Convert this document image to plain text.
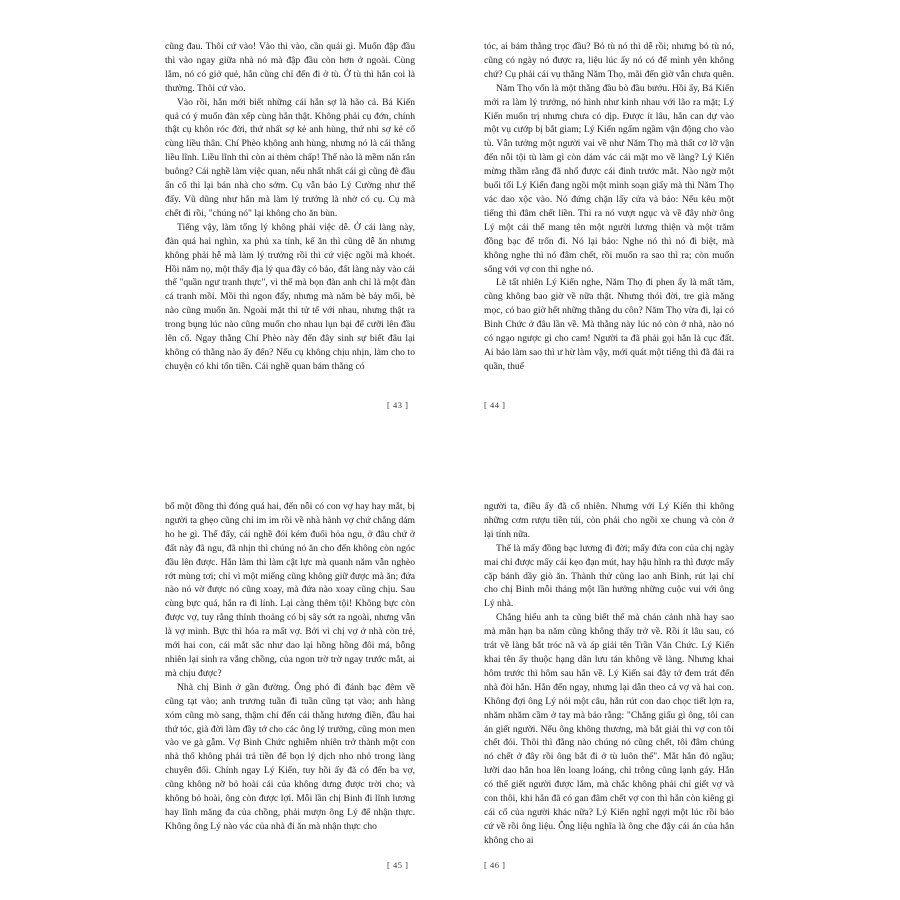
cũng đau. Thôi cứ vào! Vào thì vào, cần quái gì. Muốn đập đầu thì vào ngay giữa nhà nó mà đập đầu còn hơn ở ngoài. Cùng lắm, nó có giở quẻ, hắn cũng chỉ đến đi ở tù. Ở tù thì hắn coi là thường. Thôi cứ vào.

Vào rồi, hắn mới biết những cái hắn sợ là hão cả. Bá Kiến quả có ý muốn đàn xếp cùng hắn thật. Không phải cụ đớn, chính thật cụ khôn róc đời, thứ nhất sợ kẻ anh hùng, thứ nhì sợ kẻ cố cùng liều thân. Chí Phèo không anh hùng, nhưng nó là cái thằng liều lĩnh. Liều lĩnh thì còn ai thèm chấp! Thế nào là mềm nắn rắn buông? Cái nghề làm việc quan, nếu nhất nhất cái gì cũng đè đầu ẩn cổ thì lại bán nhà cho sớm. Cụ vẫn bảo Lý Cường như thế đấy. Vũ dũng như hắn mà làm lý trưởng là nhờ có cụ. Cụ mà chết đi rồi, "chúng nó" lại không cho ăn bùn.

Tiếng vậy, làm tổng lý không phải việc dễ. Ở cái làng này, đàn quá hai nghìn, xa phủ xa tỉnh, kể ăn thì cũng dễ ăn nhưng không phải hễ mà làm lý trưởng rồi thì cứ việc ngồi mà khoét. Hồi năm nọ, một thấy địa lý qua đây có bảo, đất làng này vào cái thế "quần ngư tranh thực", vì thế mà bọn đàn anh chỉ là một đàn cá tranh mồi. Mồi thì ngon đấy, nhưng mà năm bè bảy mối, bè nào cũng muốn ăn. Ngoài mặt thì tử tế với nhau, nhưng thật ra trong bụng lúc nào cũng muốn cho nhau lụn bại để cưỡi lên đầu lên cổ. Ngay thằng Chí Phèo này đến đây sinh sự biết đâu lại không có thằng nào ấy đến? Nếu cụ không chịu nhịn, làm cho to chuyện có khi tốn tiền. Cái nghề quan bám thằng có

[ 43 ]

tóc, ai bám thằng trọc đầu? Bỏ tù nó thì dễ rồi; nhưng bỏ tù nó, cũng có ngày nó được ra, liệu lúc ấy nó có để mình yên không chứ? Cụ phải cái vụ thằng Năm Thọ, mãi đến giờ vẫn chưa quên.

Năm Thọ vốn là một thằng đầu bò đầu bướu. Hồi ấy, Bá Kiến mới ra làm lý trưởng, nó hình như kinh nhau với lão ra mặt; Lý Kiến muốn trị nhưng chưa có dịp. Được ít lâu, hắn can dự vào một vụ cướp bị bắt giam; Lý Kiến ngấm ngầm vận động cho vào tù. Vẫn tưởng một người vai về như Năm Thọ mà thất cơ lỡ vận đến nỗi tội tù làm gì còn dám vác cái mặt mo về làng? Lý Kiến mừng thầm rằng đã nhổ được cái đinh trước mắt. Nào ngờ một buổi tối Lý Kiến đang ngồi một mình soạn giấy mà thì Năm Thọ vác dao xộc vào. Nó đứng chặn lấy cửa và bảo: Nếu kêu một tiếng thì đâm chết liền. Thì ra nó vượt ngục và về đây nhờ ông Lý một cái thế mang tên một người lương thiện và một trăm đồng bạc để trốn đi. Nó lại bảo: Nghe nó thì nó đi biệt, mà không nghe thì nó đâm chết, rồi muốn ra sao thì ra; còn muốn sống với vợ con thì nghe nó.

Lẽ tất nhiên Lý Kiến nghe, Năm Thọ đi phen ấy là mất tăm, cũng không bao giờ về nữa thật. Nhưng thói đời, tre già măng mọc, có bao giờ hết những thằng du côn? Năm Thọ vừa đi, lại có Binh Chức ở đâu lần về. Mà thằng này lúc nó còn ở nhà, nào nó có ngạo ngược gì cho cam! Người ta đã phải gọi hắn là cục đất. Ai bảo làm sao thì ư hừ làm vậy, mới quát một tiếng thì đã đái ra quần, thuế

[ 44 ]

bổ một đồng thì đóng quá hai, đến nỗi có con vợ hay hay mắt, bị người ta ghẹo cũng chỉ im im rồi về nhà hành vợ chứ chẳng dám ho he gì. Thế đấy, cái nghề đói kém đuổi hỏa ngu, ở đâu chứ ở đất này đã ngu, đã nhịn thì chúng nó ăn cho đến không còn ngóc đầu lên được. Hắn làm thì làm cật lực mà quanh năm vẫn nghèo rớt mùng tơi; chỉ vì một miếng cũng không giữ được mà ăn; đứa nào nó vờ được nó cũng xoay, mà đứa nào xoay cũng chịu. Sau cùng bực quá, hắn ra đi lính. Lại càng thêm tội! Không bực còn được vợ, tuy rằng thỉnh thoảng có bị sây sớt ra ngoài, nhưng vẫn là vợ mình. Bực thì hóa ra mất vợ. Bởi vì chị vợ ở nhà còn trẻ, mới hai con, cái mắt sắc như dao lại hồng hồng đôi má, bỗng nhiên lại sinh ra vắng chồng, của ngon trờ trờ ngay trước mắt, ai mà chịu được?

Nhà chị Binh ở gần đường. Ông phó đi đánh bạc đêm về cũng tạt vào; anh trương tuần đi tuần cũng tạt vào; anh hàng xóm cũng mò sang, thậm chí đến cái thằng hương điền, đầu hai thứ tóc, già đời làm đầy tớ cho các ông lý trưởng, cũng mon men vào ve gà gẫm. Vợ Binh Chức nghiễm nhiên trở thành một con nhà thổ không phải trả tiền để bọn lý dịch nho nhỏ trong làng chuyên đổi. Chính ngay Lý Kiến, tuy hồi ấy đã có đến ba vợ, cũng không nỡ bỏ hoài cái của không dưng được trời cho; và không bỏ hoài, ông còn được lợi. Mỗi lần chị Binh đi lĩnh lương hay lĩnh măng đa của chồng, phải mượn ông Lý để nhận thực. Không ông Lý nào vác của nhà đi ăn mà nhận thực cho

[ 45 ]

người ta, điều ấy đã cố nhiên. Nhưng với Lý Kiến thì không những cơm rượu tiền túi, còn phải cho ngồi xe chung và còn ở lại tính nữa.

Thế là mấy đồng bạc lương đi đời; mấy đứa con của chị ngày mai chỉ được mấy cái kẹo đạn mút, hay hậu hĩnh ra thì được mấy cặp bánh dầy giò ăn. Thành thử cũng lao anh Binh, rút lại chỉ cho chị Binh mỗi tháng một lần hưởng những cuộc vui với ông Lý nhà.

Chẳng hiểu anh ta cũng biết thế mà chán cảnh nhà hay sao mà mãn hạn ba năm cũng không thấy trở về. Rồi ít lâu sau, có trát về làng bắt tróc nã và áp giải tên Trần Văn Chức. Lý Kiến khai tên ấy thuộc hạng dân lưu tán không về làng. Nhưng khai hôm trước thì hôm sau hắn về. Lý Kiến sai đây tớ đem trát đến nhà đòi hắn. Hắn đến ngay, nhưng lại dẫn theo cả vợ và hai con. Không đợi ông Lý nói một câu, hắn rút con dao chọc tiết lợn ra, nhăm nhăm cầm ở tay mà bảo rằng: "Chẳng giấu gì ông, tôi can án giết người. Nếu ông không thương, mà bắt giải thì vợ con tôi chết đói. Thôi thì đằng nào chúng nó cũng chết, tôi đâm chúng nó chết ở đây rồi ông bắt đi ở tù luôn thể". Mắt hắn đỏ ngầu; lưỡi dao hắn hoa lên loang loáng, chỉ trông cũng lạnh gáy. Hắn có thể giết người được lắm, mà chắc không phải chỉ giết vợ và con thôi, khi hắn đã có gan đâm chết vợ con thì hắn còn kiêng gì cái cổ của người khác nữa? Lý Kiến nghĩ ngợi một lúc rồi bảo cứ về rồi ông liệu. Ông liệu nghĩa là ông che đậy cái án của hắn không cho ai

[ 46 ]
